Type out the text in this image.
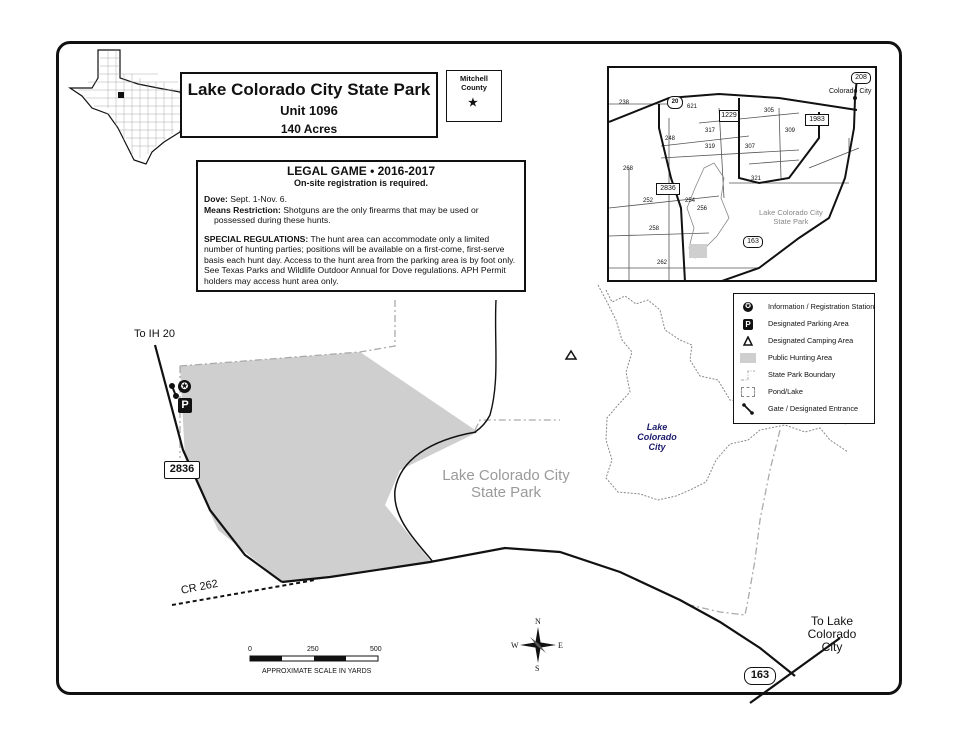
✪
P
Lake Colorado City State Park
Unit 1096
140 Acres
Mitchell
County
★
LEGAL GAME • 2016-2017
On-site registration is required.

Dove: Sept. 1-Nov. 6.

Means Restriction: Shotguns are the only firearms that may be used or

possessed during these hunts.

SPECIAL REGULATIONS: The hunt area can accommodate only a limited number of hunting parties; positions will be available on a first-come, first-serve basis each hunt day. Access to the hunt area from the parking area is by foot only. See Texas Parks and Wildlife Outdoor Annual for Dove regulations. APH Permit holders may access hunt area only.

20
1229
1983
2836
163
208
238
305
317
248
319	307
321
252
258
262
268
621
309
254
256
Colorado City
Lake Colorado City
State Park
✪ Information / Registration Station
P	Designated Parking Area
Designated Camping Area
Public Hunting Area
State Park Boundary
Pond/Lake
Gate / Designated Entrance
To IH 20
2836
CR 262
Lake Colorado City
State Park
Lake
Colorado
City
To Lake
Colorado
City
163
N
S
E
W
0	250	500
APPROXIMATE SCALE IN YARDS
